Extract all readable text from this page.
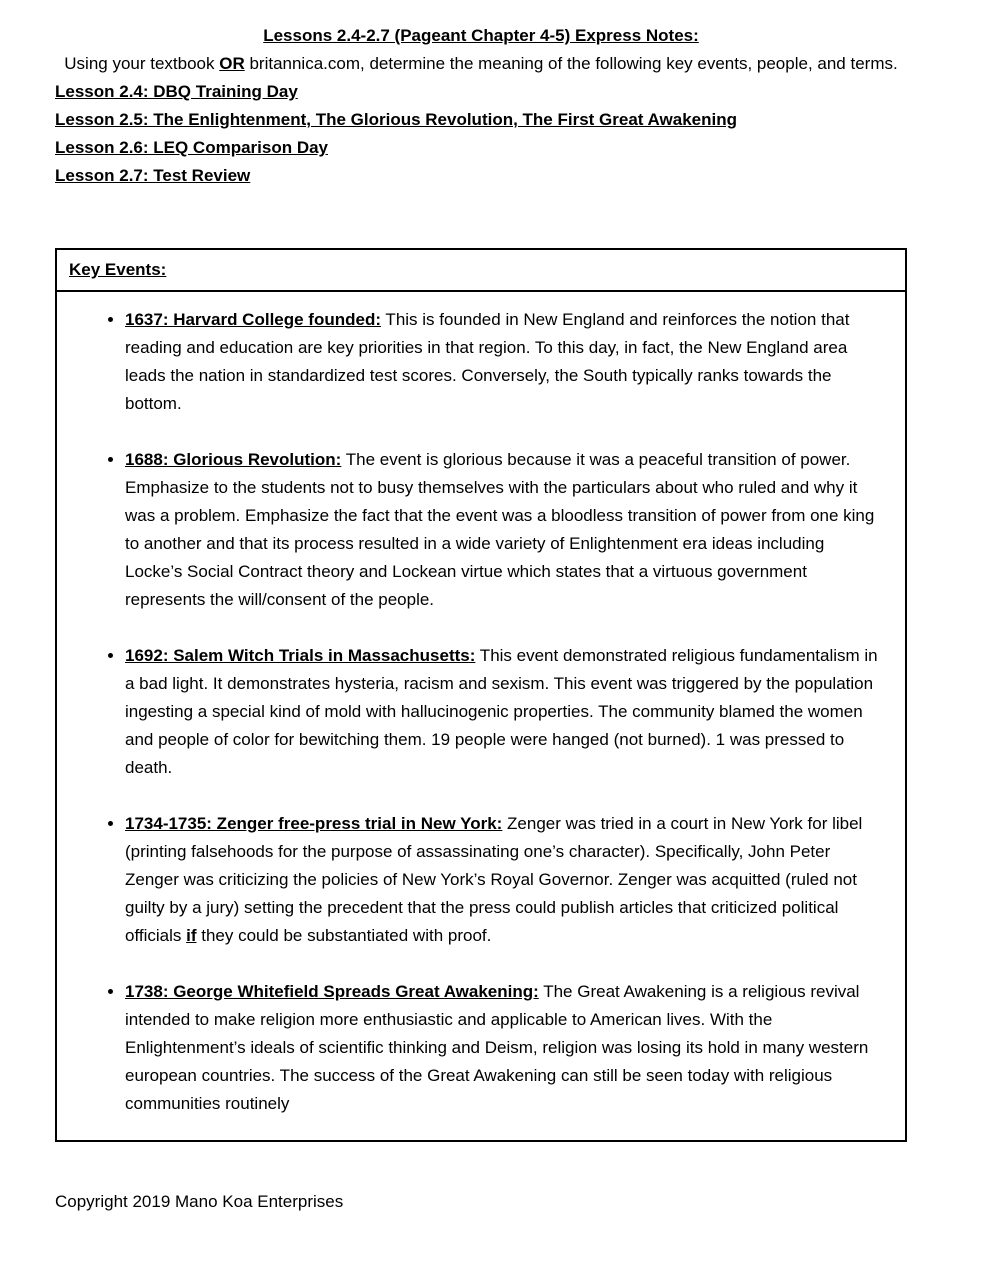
Lessons 2.4-2.7 (Pageant Chapter 4-5) Express Notes:

Using your textbook OR britannica.com, determine the meaning of the following key events, people, and terms.

Lesson 2.4: DBQ Training Day

Lesson 2.5: The Enlightenment, The Glorious Revolution, The First Great Awakening

Lesson 2.6: LEQ Comparison Day

Lesson 2.7: Test Review

Key Events:
• 1637: Harvard College founded: This is founded in New England and reinforces the notion that reading and education are key priorities in that region. To this day, in fact, the New England area leads the nation in standardized test scores. Conversely, the South typically ranks towards the bottom.
• 1688: Glorious Revolution: The event is glorious because it was a peaceful transition of power. Emphasize to the students not to busy themselves with the particulars about who ruled and why it was a problem. Emphasize the fact that the event was a bloodless transition of power from one king to another and that its process resulted in a wide variety of Enlightenment era ideas including Locke’s Social Contract theory and Lockean virtue which states that a virtuous government represents the will/consent of the people.
• 1692: Salem Witch Trials in Massachusetts: This event demonstrated religious fundamentalism in a bad light. It demonstrates hysteria, racism and sexism. This event was triggered by the population ingesting a special kind of mold with hallucinogenic properties. The community blamed the women and people of color for bewitching them. 19 people were hanged (not burned). 1 was pressed to death.
• 1734-1735: Zenger free-press trial in New York: Zenger was tried in a court in New York for libel (printing falsehoods for the purpose of assassinating one’s character). Specifically, John Peter Zenger was criticizing the policies of New York’s Royal Governor. Zenger was acquitted (ruled not guilty by a jury) setting the precedent that the press could publish articles that criticized political officials if they could be substantiated with proof.
• 1738: George Whitefield Spreads Great Awakening: The Great Awakening is a religious revival intended to make religion more enthusiastic and applicable to American lives. With the Enlightenment’s ideals of scientific thinking and Deism, religion was losing its hold in many western european countries. The success of the Great Awakening can still be seen today with religious communities routinely

Copyright 2019 Mano Koa Enterprises
